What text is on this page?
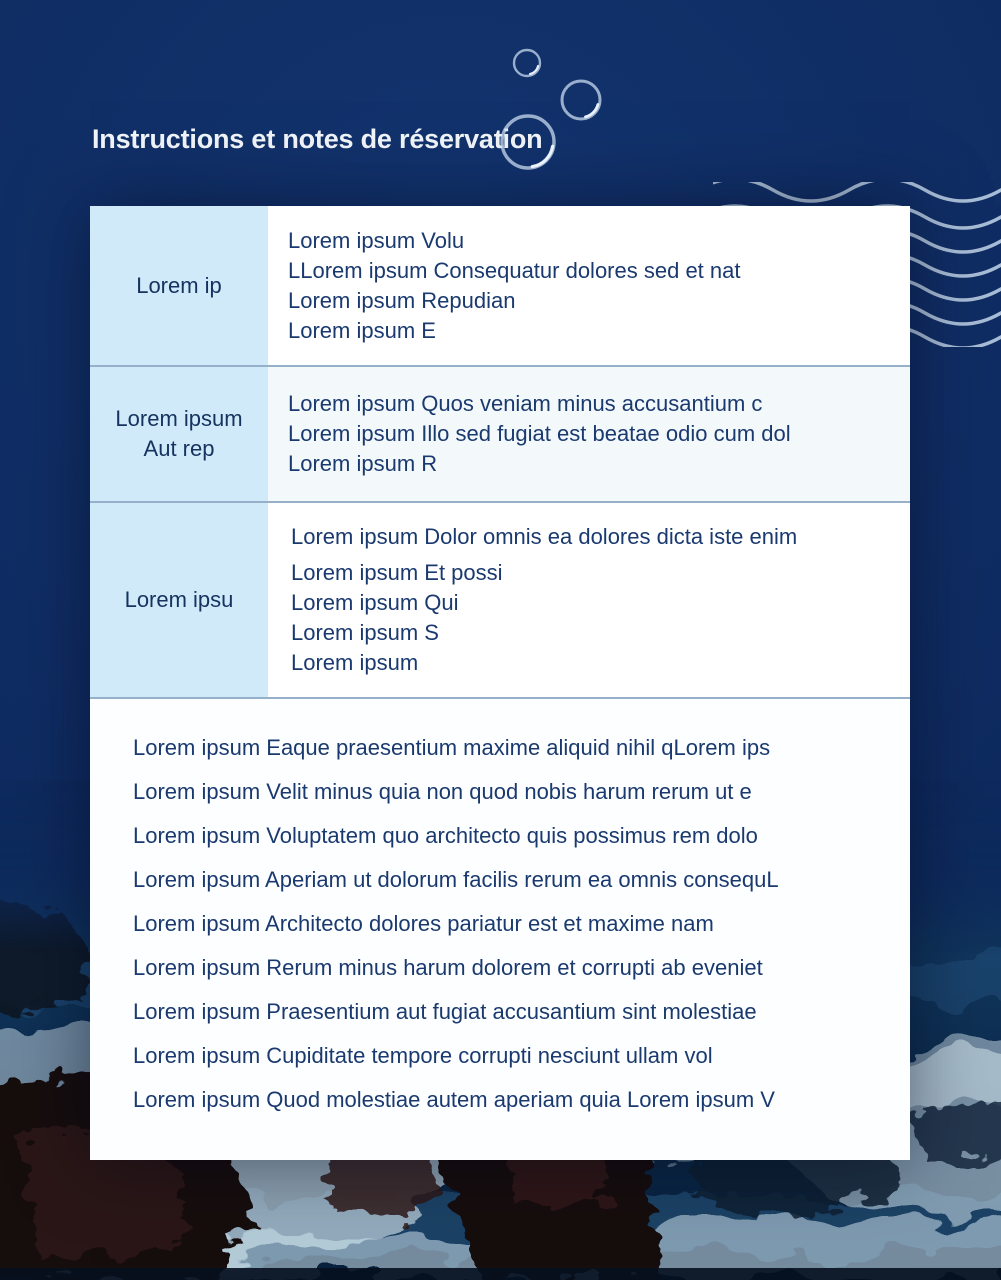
Instructions et notes de réservation
Lorem ip

Lorem ipsum Volu

LLorem ipsum Consequatur dolores sed et nat

Lorem ipsum Repudian

Lorem ipsum E

Lorem ipsum Aut rep

Lorem ipsum Quos veniam minus accusantium c

Lorem ipsum Illo sed fugiat est beatae odio cum dol

Lorem ipsum R

Lorem ipsu

Lorem ipsum Dolor omnis ea dolores dicta iste enim

Lorem ipsum Et possi

Lorem ipsum Qui

Lorem ipsum S

Lorem ipsum

Lorem ipsum Eaque praesentium maxime aliquid nihil qLorem ips

Lorem ipsum Velit minus quia non quod nobis harum rerum ut e

Lorem ipsum Voluptatem quo architecto quis possimus rem dolo

Lorem ipsum Aperiam ut dolorum facilis rerum ea omnis consequL

Lorem ipsum Architecto dolores pariatur est et maxime nam

Lorem ipsum Rerum minus harum dolorem et corrupti ab eveniet

Lorem ipsum Praesentium aut fugiat accusantium sint molestiae

Lorem ipsum Cupiditate tempore corrupti nesciunt ullam vol

Lorem ipsum Quod molestiae autem aperiam quia Lorem ipsum V
